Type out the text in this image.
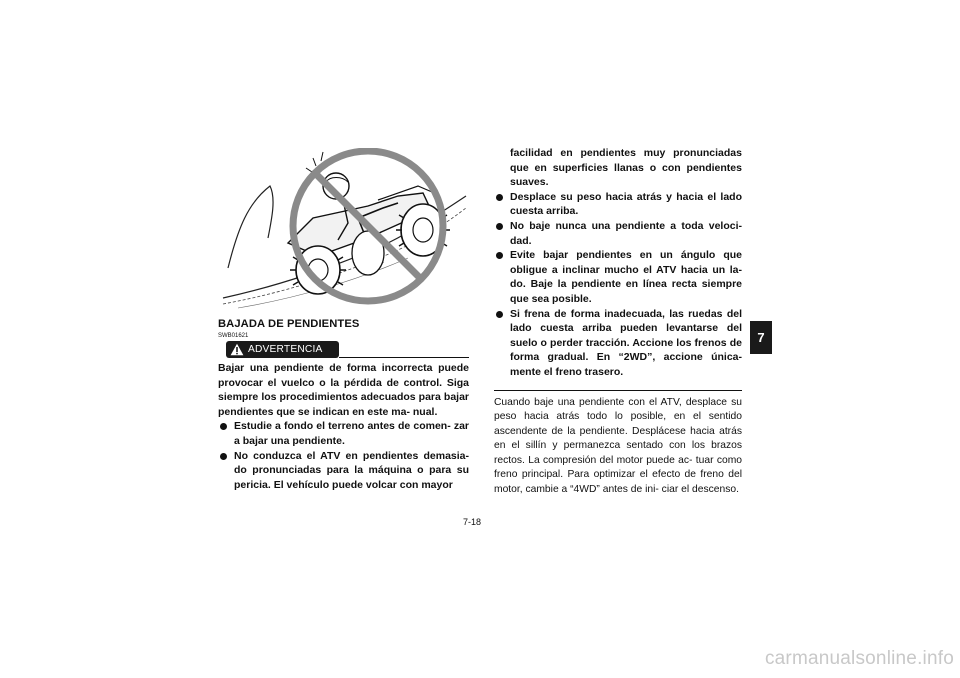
BAJADA DE PENDIENTES
SWB01621
ADVERTENCIA

Bajar una pendiente de forma incorrecta puede provocar el vuelco o la pérdida de control. Siga siempre los procedimientos adecuados para bajar pendientes que se indican en este ma- nual.

Estudie a fondo el terreno antes de comen- zar a bajar una pendiente.
No conduzca el ATV en pendientes demasia- do pronunciadas para la máquina o para su pericia. El vehículo puede volcar con mayor
facilidad en pendientes muy pronunciadas que en superficies llanas o con pendientes suaves.
Desplace su peso hacia atrás y hacia el lado cuesta arriba.
No baje nunca una pendiente a toda veloci- dad.
Evite bajar pendientes en un ángulo que obligue a inclinar mucho el ATV hacia un la- do. Baje la pendiente en línea recta siempre que sea posible.
Si frena de forma inadecuada, las ruedas del lado cuesta arriba pueden levantarse del suelo o perder tracción. Accione los frenos de forma gradual. En “2WD”, accione única- mente el freno trasero.
Cuando baje una pendiente con el ATV, desplace su peso hacia atrás todo lo posible, en el sentido ascendente de la pendiente. Desplácese hacia atrás en el sillín y permanezca sentado con los brazos rectos. La compresión del motor puede ac- tuar como freno principal. Para optimizar el efecto de freno del motor, cambie a “4WD” antes de ini- ciar el descenso.
7-18
7
carmanualsonline.info
